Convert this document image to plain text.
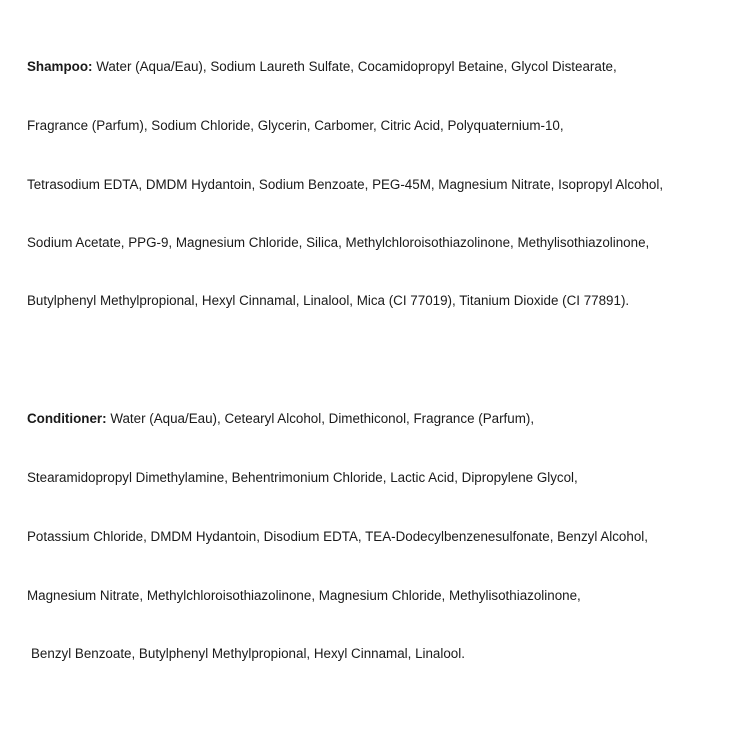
Shampoo: Water (Aqua/Eau), Sodium Laureth Sulfate, Cocamidopropyl Betaine, Glycol Distearate,
Fragrance (Parfum), Sodium Chloride, Glycerin, Carbomer, Citric Acid, Polyquaternium-10,
Tetrasodium EDTA, DMDM Hydantoin, Sodium Benzoate, PEG-45M, Magnesium Nitrate, Isopropyl Alcohol,
Sodium Acetate, PPG-9, Magnesium Chloride, Silica, Methylchloroisothiazolinone, Methylisothiazolinone,
Butylphenyl Methylpropional, Hexyl Cinnamal, Linalool, Mica (CI 77019), Titanium Dioxide (CI 77891).
Conditioner: Water (Aqua/Eau), Cetearyl Alcohol, Dimethiconol, Fragrance (Parfum),
Stearamidopropyl Dimethylamine, Behentrimonium Chloride, Lactic Acid, Dipropylene Glycol,
Potassium Chloride, DMDM Hydantoin, Disodium EDTA, TEA-Dodecylbenzenesulfonate, Benzyl Alcohol,
Magnesium Nitrate, Methylchloroisothiazolinone, Magnesium Chloride, Methylisothiazolinone,
Benzyl Benzoate, Butylphenyl Methylpropional, Hexyl Cinnamal, Linalool.
